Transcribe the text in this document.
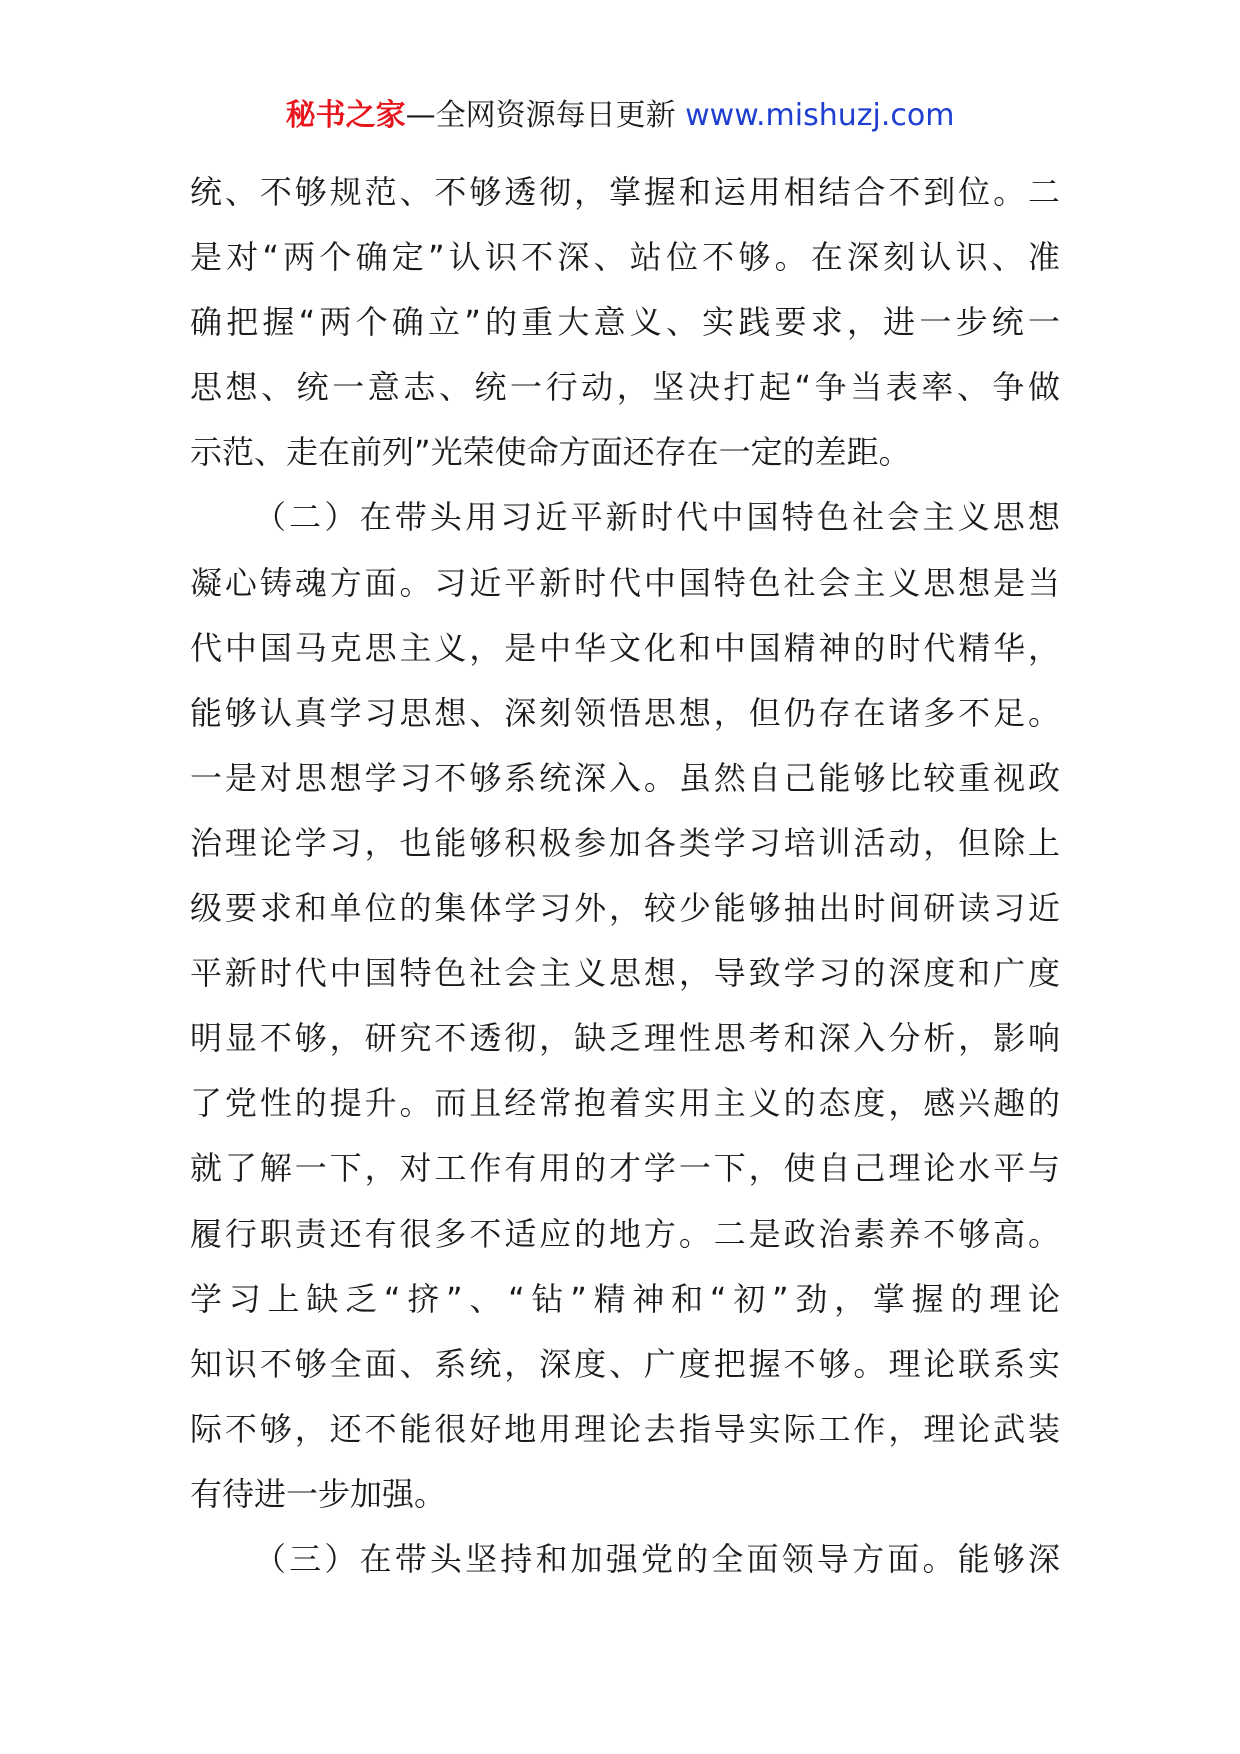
秘书之家—全网资源每日更新 www.mishuzj.com
统、不够规范、不够透彻，掌握和运用相结合不到位。二
是对“两个确定”认识不深、站位不够。在深刻认识、准
确把握“两个确立”的重大意义、实践要求，进一步统一
思想、统一意志、统一行动，坚决打起“争当表率、争做
示范、走在前列”光荣使命方面还存在一定的差距。
（二）在带头用习近平新时代中国特色社会主义思想
凝心铸魂方面。习近平新时代中国特色社会主义思想是当
代中国马克思主义，是中华文化和中国精神的时代精华，
能够认真学习思想、深刻领悟思想，但仍存在诸多不足。
一是对思想学习不够系统深入。虽然自己能够比较重视政
治理论学习，也能够积极参加各类学习培训活动，但除上
级要求和单位的集体学习外，较少能够抽出时间研读习近
平新时代中国特色社会主义思想，导致学习的深度和广度
明显不够，研究不透彻，缺乏理性思考和深入分析，影响
了党性的提升。而且经常抱着实用主义的态度，感兴趣的
就了解一下，对工作有用的才学一下，使自己理论水平与
履行职责还有很多不适应的地方。二是政治素养不够高。
学习上缺乏“挤”、“钻”精神和“初”劲，掌握的理论
知识不够全面、系统，深度、广度把握不够。理论联系实
际不够，还不能很好地用理论去指导实际工作，理论武装
有待进一步加强。
（三）在带头坚持和加强党的全面领导方面。能够深
